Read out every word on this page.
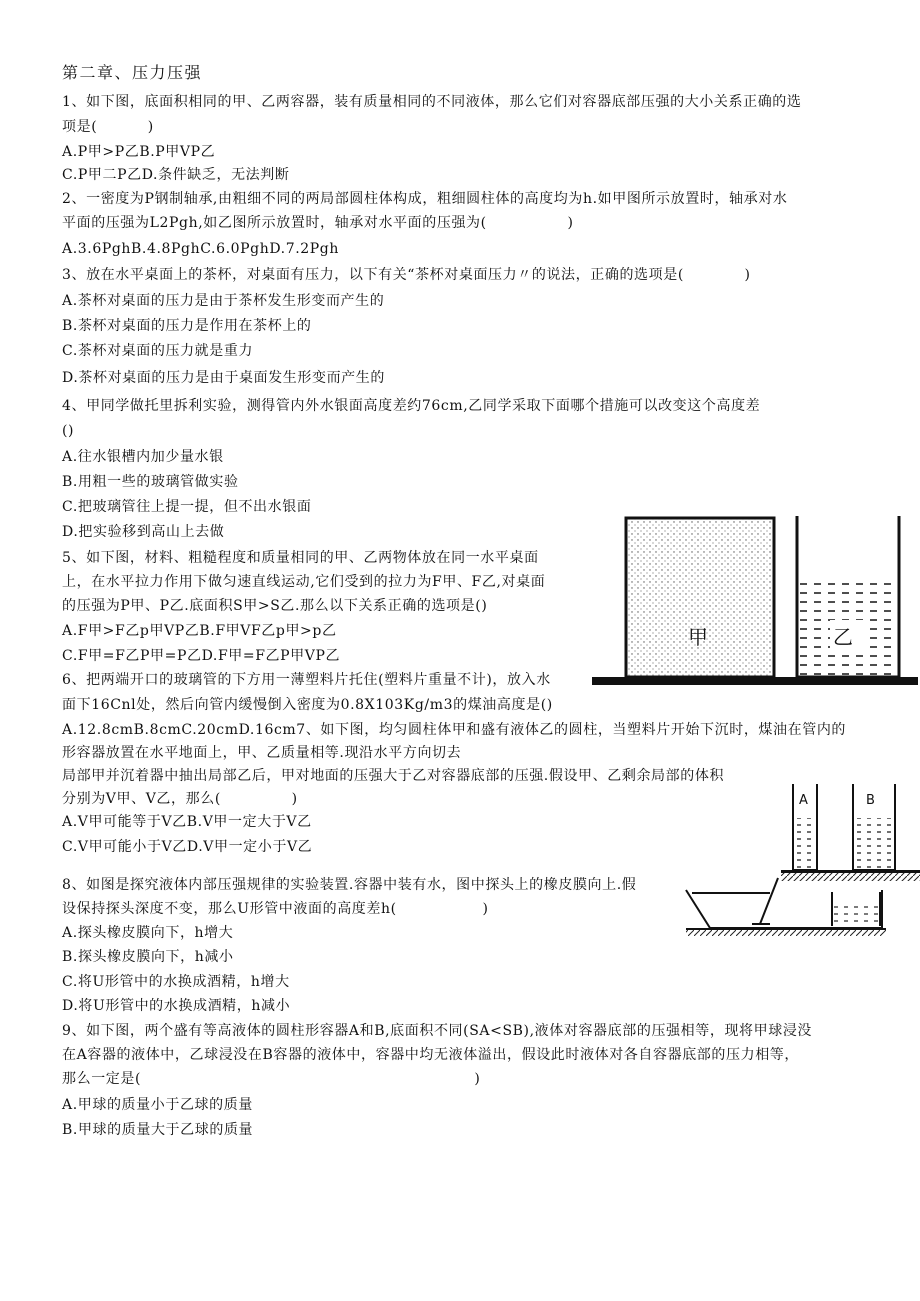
第二章、压力压强
1、如下图，底面积相同的甲、乙两容器，装有质量相同的不同液体，那么它们对容器底部压强的大小关系正确的选
项是(          )
A.P甲>P乙B.P甲VP乙
C.P甲二P乙D.条件缺乏，无法判断
2、一密度为P钢制轴承,由粗细不同的两局部圆柱体构成，粗细圆柱体的高度均为h.如甲图所示放置时，轴承对水
平面的压强为L2Pgh,如乙图所示放置时，轴承对水平面的压强为(                )
A.3.6PghB.4.8PghC.6.0PghD.7.2Pgh
3、放在水平桌面上的茶杯，对桌面有压力，以下有关“茶杯对桌面压力〃的说法，正确的选项是(            )
A.茶杯对桌面的压力是由于茶杯发生形变而产生的
B.茶杯对桌面的压力是作用在茶杯上的
C.茶杯对桌面的压力就是重力
D.茶杯对桌面的压力是由于桌面发生形变而产生的
4、甲同学做托里拆利实验，测得管内外水银面高度差约76cm,乙同学采取下面哪个措施可以改变这个高度差
()
A.往水银槽内加少量水银
B.用粗一些的玻璃管做实验
C.把玻璃管往上提一提，但不出水银面
D.把实验移到高山上去做
5、如下图，材料、粗糙程度和质量相同的甲、乙两物体放在同一水平桌面
上，在水平拉力作用下做匀速直线运动,它们受到的拉力为F甲、F乙,对桌面
的压强为P甲、P乙.底面积S甲>S乙.那么以下关系正确的选项是()
A.F甲>F乙p甲VP乙B.F甲VF乙p甲>p乙
C.F甲=F乙P甲=P乙D.F甲=F乙P甲VP乙
6、把两端开口的玻璃管的下方用一薄塑料片托住(塑料片重量不计)，放入水
面下16Cnl处，然后向管内缓慢倒入密度为0.8X103Kg/m3的煤油高度是()
A.12.8cmB.8cmC.20cmD.16cm7、如下图，均匀圆柱体甲和盛有液体乙的圆柱，当塑料片开始下沉时，煤油在管内的
形容器放置在水平地面上，甲、乙质量相等.现沿水平方向切去
局部甲并沉着器中抽出局部乙后，甲对地面的压强大于乙对容器底部的压强.假设甲、乙剩余局部的体积
分别为V甲、V乙，那么(              )
A.V甲可能等于V乙B.V甲一定大于V乙
C.V甲可能小于V乙D.V甲一定小于V乙
8、如图是探究液体内部压强规律的实验装置.容器中装有水，图中探头上的橡皮膜向上.假
设保持探头深度不变，那么U形管中液面的高度差h(                 )
A.探头橡皮膜向下，h增大
B.探头橡皮膜向下，h减小
C.将U形管中的水换成酒精，h增大
D.将U形管中的水换成酒精，h减小
9、如下图，两个盛有等高液体的圆柱形容器A和B,底面积不同(SA<SB),液体对容器底部的压强相等，现将甲球浸没
在A容器的液体中，乙球浸没在B容器的液体中，容器中均无液体溢出，假设此时液体对各自容器底部的压力相等，
那么一定是(                                                                  )
A.甲球的质量小于乙球的质量
B.甲球的质量大于乙球的质量
甲	乙
A	B
